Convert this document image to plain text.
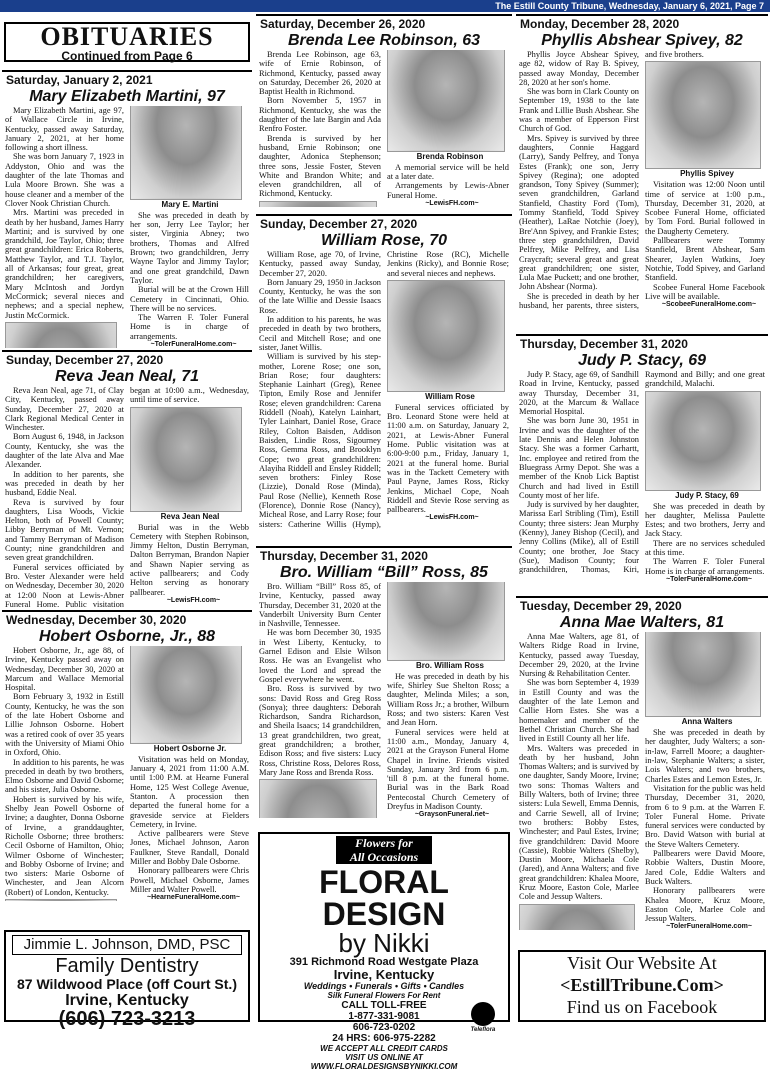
The Estill County Tribune, Wednesday, January 6, 2021, Page 7
OBITUARIES
Continued from Page 6
Saturday, January 2, 2021
Mary Elizabeth Martini, 97

Mary Elizabeth Martini, age 97, of Wallace Circle in Irvine, Kentucky, passed away Saturday, January 2, 2021, at her home following a short illness.

She was born January 7, 1923 in Addyston, Ohio and was the daughter of the late Thomas and Lula Moore Brown. She was a house cleaner and a member of the Clover Nook Christian Church.

Mrs. Martini was preceded in death by her husband, James Harry Martini; and is survived by one grandchild, Joe Taylor, Ohio; three great grandchildren: Erica Roberts, Matthew Taylor, and T.J. Taylor, all of Arkansas; four great, great grandchildren; her caregivers, Mary McIntosh and Jordyn McCormick; several nieces and nephews; and a special nephew, Justin McCormick.

Mary E. Martini

She was preceded in death by her son, Jerry Lee Taylor; her sister, Virginia Abney; two brothers, Thomas and Alfred Brown; two grandchildren, Jerry Wayne Taylor and Jimmy Taylor; and one great grandchild, Dawn Taylor.

Burial will be at the Crown Hill Cemetery in Cincinnati, Ohio. There will be no services.

The Warren F. Toler Funeral Home is in charge of arrangements.

~TolerFuneralHome.com~
Sunday, December 27, 2020
Reva Jean Neal, 71

Reva Jean Neal, age 71, of Clay City, Kentucky, passed away Sunday, December 27, 2020 at Clark Regional Medical Center in Winchester.

Born August 6, 1948, in Jackson County, Kentucky, she was the daughter of the late Alva and Mae Alexander.

In addition to her parents, she was preceded in death by her husband, Eddie Neal.

Reva is survived by four daughters, Lisa Woods, Vickie Helton, both of Powell County; Libby Berryman of Mt. Vernon; and Tammy Berryman of Madison County; nine grandchildren and seven great grandchildren.

Funeral services officiated by Bro. Vester Alexander were held on Wednesday, December 30, 2020 at 12:00 Noon at Lewis-Abner Funeral Home. Public visitation began at 10:00 a.m., Wednesday, until time of service.

Reva Jean Neal

Burial was in the Webb Cemetery with Stephen Robinson, Jimmy Helton, Dustin Berryman, Dalton Berryman, Brandon Napier and Shawn Napier serving as active pallbearers; and Cody Helton serving as honorary pallbearer.

~LewisFH.com~
Wednesday, December 30, 2020
Hobert Osborne, Jr., 88

Hobert Osborne, Jr., age 88, of Irvine, Kentucky passed away on Wednesday, December 30, 2020 at Marcum and Wallace Memorial Hospital.

Born February 3, 1932 in Estill County, Kentucky, he was the son of the late Hobert Osborne and Lillie Johnson Osborne. Hobert was a retired cook of over 35 years with the University of Miami Ohio in Oxford, Ohio.

In addition to his parents, he was preceded in death by two brothers, Elmo Osborne and David Osborne; and his sister, Julia Osborne.

Hobert is survived by his wife, Shelby Jean Powell Osborne of Irvine; a daughter, Donna Osborne of Irvine, a granddaughter, Richolle Osborne; three brothers: Cecil Osborne of Hamilton, Ohio; Wilmer Osborne of Winchester; and Bobby Osborne of Irvine; and two sisters: Marie Osborne of Winchester, and Jean Alcorn (Robert) of London, Kentucky.

Hobert Osborne Jr.

Visitation was held on Monday, January 4, 2021 from 11:00 A.M. until 1:00 P.M. at Hearne Funeral Home, 125 West College Avenue, Stanton. A procession then departed the funeral home for a graveside service at Fielders Cemetery, in Irvine.

Active pallbearers were Steve Jones, Michael Johnson, Aaron Faulkner, Steve Randall, Donald Miller and Bobby Dale Osborne.

Honorary pallbearers were Chris Powell, Michael Osborne, James Miller and Walter Powell.

~HearneFuneralHome.com~
Jimmie L. Johnson, DMD, PSC
Family Dentistry
87 Wildwood Place (off Court St.)
Irvine, Kentucky
(606) 723-3213
Saturday, December 26, 2020
Brenda Lee Robinson, 63

Brenda Lee Robinson, age 63, wife of Ernie Robinson, of Richmond, Kentucky, passed away on Saturday, December 26, 2020 at Baptist Health in Richmond.

Born November 5, 1957 in Richmond, Kentucky, she was the daughter of the late Bargin and Ada Renfro Foster.

Brenda is survived by her husband, Ernie Robinson; one daughter, Adonica Stephenson; three sons, Jessie Foster, Steven White and Brandon White; and eleven grandchildren, all of Richmond, Kentucky.

Brenda Robinson

A memorial service will be held at a later date.

Arrangements by Lewis-Abner Funeral Home.

~LewisFH.com~
Sunday, December 27, 2020
William Rose, 70

William Rose, age 70, of Irvine, Kentucky, passed away Sunday, December 27, 2020.

Born January 29, 1950 in Jackson County, Kentucky, he was the son of the late Willie and Dessie Isaacs Rose.

In addition to his parents, he was preceded in death by two brothers, Cecil and Mitchell Rose; and one sister, Janet Willis.

William is survived by his step-mother, Lorene Rose; one son, Brian Rose; four daughters: Stephanie Lainhart (Greg), Renee Tipton, Emily Rose and Jennifer Rose; eleven grandchildren: Carena Riddell (Noah), Katelyn Lainhart, Tyler Lainhart, Daniel Rose, Grace Riley, Colton Baisden, Addison Baisden, Lindie Ross, Sigourney Ross, Gemma Ross, and Brooklyn Cope; two great grandchildren: Alayiha Riddell and Ensley Riddell; seven brothers: Finley Rose (Lizzie), Donald Rose (Minda), Paul Rose (Nellie), Kenneth Rose (Florence), Donnie Rose (Nancy), Micheal Rose, and Larry Rose; four sisters: Catherine Willis (Hymp), Christine Rose (RC), Michelle Jenkins (Ricky), and Bonnie Rose; and several nieces and nephews.

William Rose

Funeral services officiated by Bro. Leonard Stone were held at 11:00 a.m. on Saturday, January 2, 2021, at Lewis-Abner Funeral Home. Public visitation was at 6:00-9:00 p.m., Friday, January 1, 2021 at the funeral home. Burial was in the Tackett Cemetery with Paul Payne, James Ross, Ricky Jenkins, Michael Cope, Noah Riddell and Stevie Rose serving as pallbearers.

~LewisFH.com~
Thursday, December 31, 2020
Bro. William “Bill” Ross, 85

Bro. William “Bill” Ross 85, of Irvine, Kentucky, passed away Thursday, December 31, 2020 at the Vanderbilt University Burn Center in Nashville, Tennessee.

He was born December 30, 1935 in West Liberty, Kentucky, to Garnel Edison and Elsie Wilson Ross. He was an Evangelist who loved the Lord and spread the Gospel everywhere he went.

Bro. Ross is survived by two sons: David Ross and Greg Ross (Sonya); three daughters: Deborah Richardson, Sandra Richardson, and Sheila Isaacs; 14 grandchildren, 13 great grandchildren, two great, great grandchildren; a brother, Edison Ross; and five sisters: Lucy Ross, Christine Ross, Delores Ross, Mary Jane Ross and Brenda Ross.

Bro. William Ross

He was preceded in death by his wife, Shirley Sue Shelton Ross; a daughter, Melinda Miles; a son, William Ross Jr.; a brother, Wilburn Ross; and two sisters: Karen Vest and Jean Horn.

Funeral services were held at 11:00 a.m., Monday, January 4, 2021 at the Grayson Funeral Home Chapel in Irvine. Friends visited Sunday, January 3rd from 6 p.m. 'till 8 p.m. at the funeral home. Burial was in the Bark Road Pentecostal Church Cemetery of Dreyfus in Madison County.

~GraysonFuneral.net~
Flowers for
All Occasions
FLORAL DESIGN
by Nikki
391 Richmond Road Westgate Plaza
Irvine, Kentucky
Weddings • Funerals • Gifts • Candles
Silk Funeral Flowers For Rent
CALL TOLL-FREE
1-877-331-9081
606-723-0202
24 HRS: 606-975-2282
WE ACCEPT ALL CREDIT CARDS
VISIT US ONLINE AT
WWW.FLORALDESIGNSBYNIKKI.COM
Teleflora
Monday, December 28, 2020
Phyllis Abshear Spivey, 82

Phyllis Joyce Abshear Spivey, age 82, widow of Ray B. Spivey, passed away Monday, December 28, 2020 at her son's home.

She was born in Clark County on September 19, 1938 to the late Frank and Lillie Bush Abshear. She was a member of Epperson First Church of God.

Mrs. Spivey is survived by three daughters, Connie Haggard (Larry), Sandy Pelfrey, and Tonya Estes (Frank); one son, Jerry Spivey (Regina); one adopted grandson, Tony Spivey (Summer); seven grandchildren, Garland Stanfield, Chastity Ford (Tom), Tommy Stanfield, Todd Spivey (Heather), LaRae Notchie (Joey), Bre'Ann Spivey, and Frankie Estes; three step grandchildren, David Pelfrey, Mike Pelfrey, and Lisa Craycraft; several great and great great grandchildren; one sister, Lula Mae Puckett; and one brother, John Abshear (Norma).

She is preceded in death by her husband, her parents, three sisters, and five brothers.

Phyllis Spivey

Visitation was 12:00 Noon until time of service at 1:00 p.m., Thursday, December 31, 2020, at Scobee Funeral Home, officiated by Tom Ford. Burial followed in the Daugherty Cemetery.

Pallbearers were Tommy Stanfield, Brent Abshear, Sam Shearer, Jaylen Watkins, Joey Notchie, Todd Spivey, and Garland Stanfield.

Scobee Funeral Home Facebook Live will be available.

~ScobeeFuneralHome.com~
Thursday, December 31, 2020
Judy P. Stacy, 69

Judy P. Stacy, age 69, of Sandhill Road in Irvine, Kentucky, passed away Thursday, December 31, 2020, at the Marcum & Wallace Memorial Hospital.

She was born June 30, 1951 in Irvine and was the daughter of the late Dennis and Helen Johnston Stacy. She was a former Carhartt, Inc. employee and retired from the Bluegrass Army Depot. She was a member of the Knob Lick Baptist Church and had lived in Estill County most of her life.

Judy is survived by her daughter, Marissa Earl Stribling (Tim), Estill County; three sisters: Jean Murphy (Kenny), Janey Bishop (Cecil), and Jenny Collins (Mike), all of Estill County; one brother, Joe Stacy (Sue), Madison County; four grandchildren, Thomas, Kiri, Raymond and Billy; and one great grandchild, Malachi.

Judy P. Stacy, 69

She was preceded in death by her daughter, Melissa Paulette Estes; and two brothers, Jerry and Jack Stacy.

There are no services scheduled at this time.

The Warren F. Toler Funeral Home is in charge of arrangements.

~TolerFuneralHome.com~
Tuesday, December 29, 2020
Anna Mae Walters, 81

Anna Mae Walters, age 81, of Walters Ridge Road in Irvine, Kentucky, passed away Tuesday, December 29, 2020, at the Irvine Nursing & Rehabilitation Center.

She was born September 4, 1939 in Estill County and was the daughter of the late Lemon and Callie Horn Estes. She was a homemaker and member of the Bethel Christian Church. She had lived in Estill County all her life.

Mrs. Walters was preceded in death by her husband, John Thomas Walters; and is survived by one daughter, Sandy Moore, Irvine; two sons: Thomas Walters and Billy Walters, both of Irvine; three sisters: Lula Sewell, Emma Dennis, and Carrie Sewell, all of Irvine; two brothers: Bobby Estes, Winchester; and Paul Estes, Irvine; five grandchildren: David Moore (Cassie), Robbie Walters (Shelby), Dustin Moore, Michaela Cole (Jared), and Anna Walters; and five great grandchildren: Khalea Moore, Kruz Moore, Easton Cole, Marlee Cole and Jessup Walters.

Anna Walters

She was preceded in death by her daughter, Judy Walters; a son-in-law, Farrell Moore; a daughter-in-law, Stephanie Walters; a sister, Lois Walters; and two brothers, Charles Estes and Lemon Estes, Jr.

Visitation for the public was held Thursday, December 31, 2020, from 6 to 9 p.m. at the Warren F. Toler Funeral Home. Private funeral services were conducted by Bro. David Watson with burial at the Steve Walters Cemetery.

Pallbearers were David Moore, Robbie Walters, Dustin Moore, Jared Cole, Eddie Walters and Buck Walters.

Honorary pallbearers were Khalea Moore, Kruz Moore, Easton Cole, Marlee Cole and Jessup Walters.

~TolerFuneralHome.com~
Visit Our Website At
<EstillTribune.Com>
Find us on Facebook
